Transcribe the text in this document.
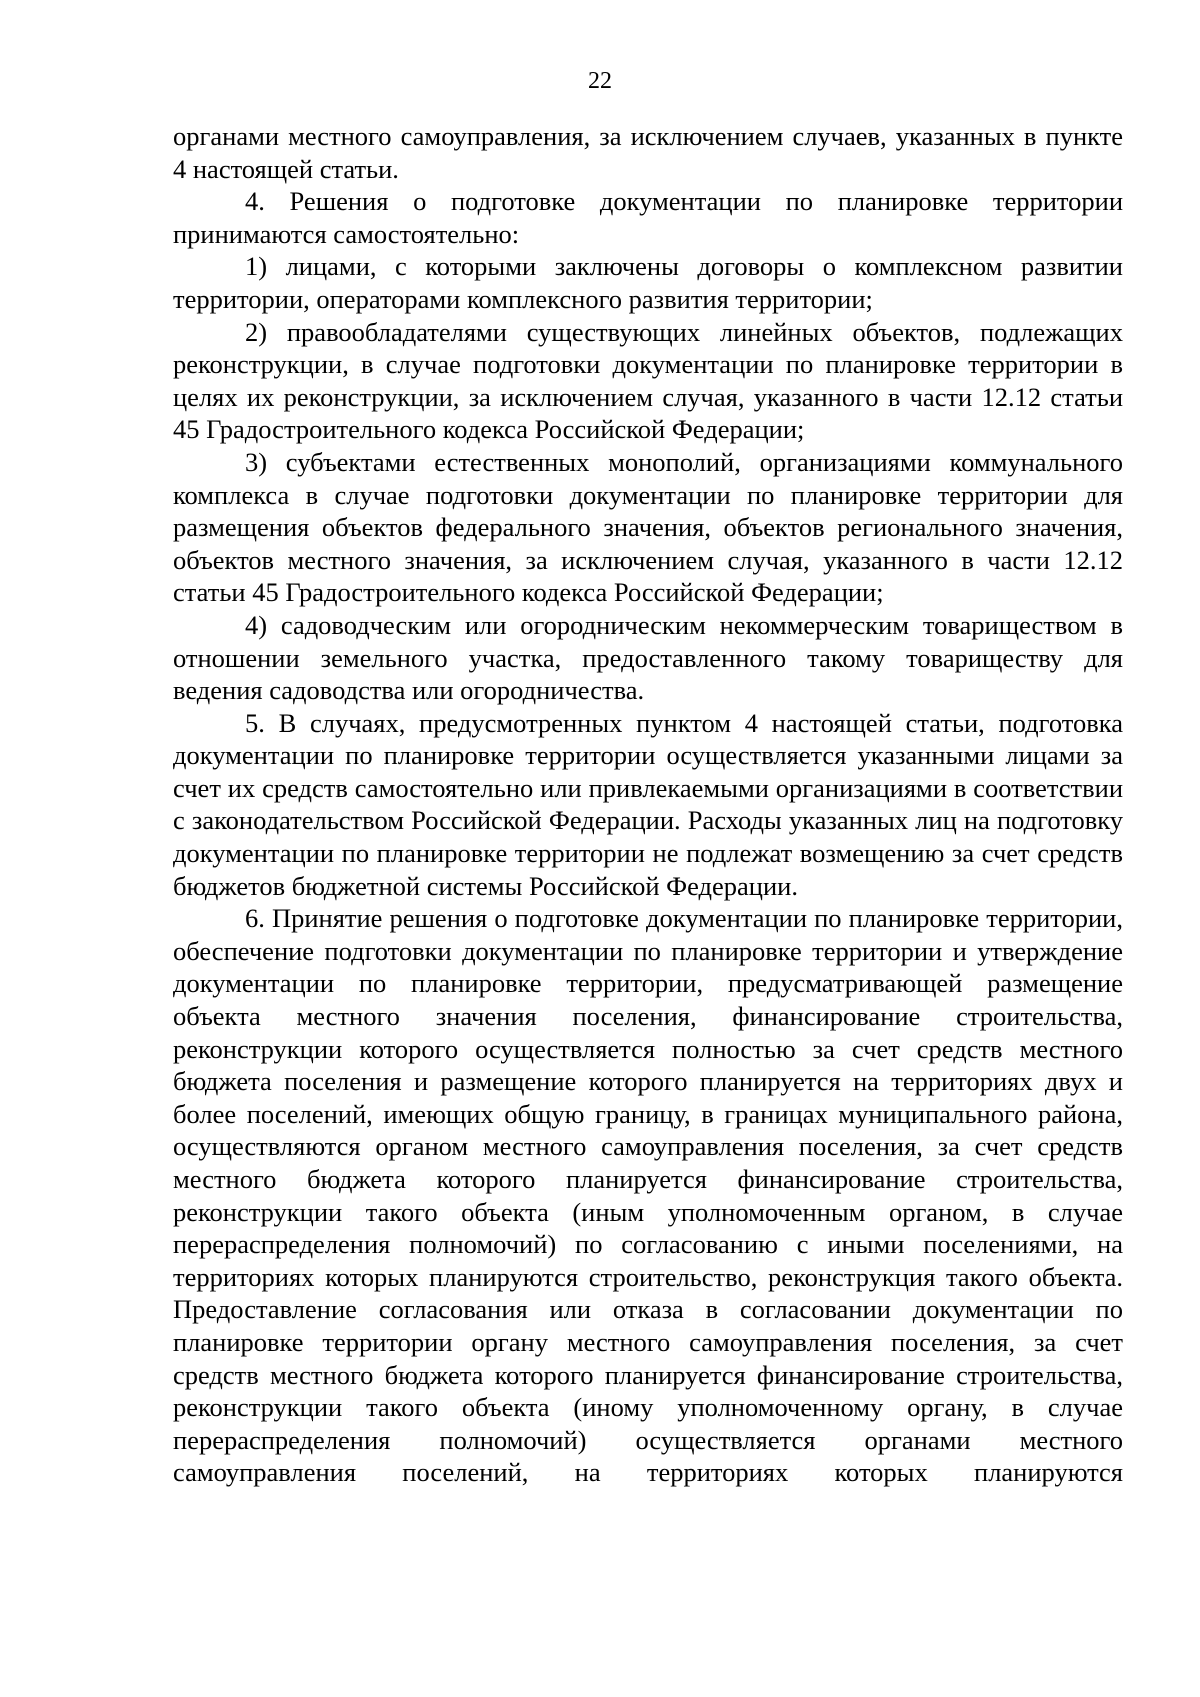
22

органами местного самоуправления, за исключением случаев, указанных в пункте 4 настоящей статьи.

4. Решения о подготовке документации по планировке территории принимаются самостоятельно:

1) лицами, с которыми заключены договоры о комплексном развитии территории, операторами комплексного развития территории;

2) правообладателями существующих линейных объектов, подлежащих реконструкции, в случае подготовки документации по планировке территории в целях их реконструкции, за исключением случая, указанного в части 12.12 статьи 45 Градостроительного кодекса Российской Федерации;

3) субъектами естественных монополий, организациями коммунального комплекса в случае подготовки документации по планировке территории для размещения объектов федерального значения, объектов регионального значения, объектов местного значения, за исключением случая, указанного в части 12.12 статьи 45 Градостроительного кодекса Российской Федерации;

4) садоводческим или огородническим некоммерческим товариществом в отношении земельного участка, предоставленного такому товариществу для ведения садоводства или огородничества.

5. В случаях, предусмотренных пунктом 4 настоящей статьи, подготовка документации по планировке территории осуществляется указанными лицами за счет их средств самостоятельно или привлекаемыми организациями в соответствии с законодательством Российской Федерации. Расходы указанных лиц на подготовку документации по планировке территории не подлежат возмещению за счет средств бюджетов бюджетной системы Российской Федерации.

6. Принятие решения о подготовке документации по планировке территории, обеспечение подготовки документации по планировке территории и утверждение документации по планировке территории, предусматривающей размещение объекта местного значения поселения, финансирование строительства, реконструкции которого осуществляется полностью за счет средств местного бюджета поселения и размещение которого планируется на территориях двух и более поселений, имеющих общую границу, в границах муниципального района, осуществляются органом местного самоуправления поселения, за счет средств местного бюджета которого планируется финансирование строительства, реконструкции такого объекта (иным уполномоченным органом, в случае перераспределения полномочий) по согласованию с иными поселениями, на территориях которых планируются строительство, реконструкция такого объекта. Предоставление согласования или отказа в согласовании документации по планировке территории органу местного самоуправления поселения, за счет средств местного бюджета которого планируется финансирование строительства, реконструкции такого объекта (иному уполномоченному органу, в случае перераспределения полномочий) осуществляется органами местного самоуправления поселений, на территориях которых планируются
